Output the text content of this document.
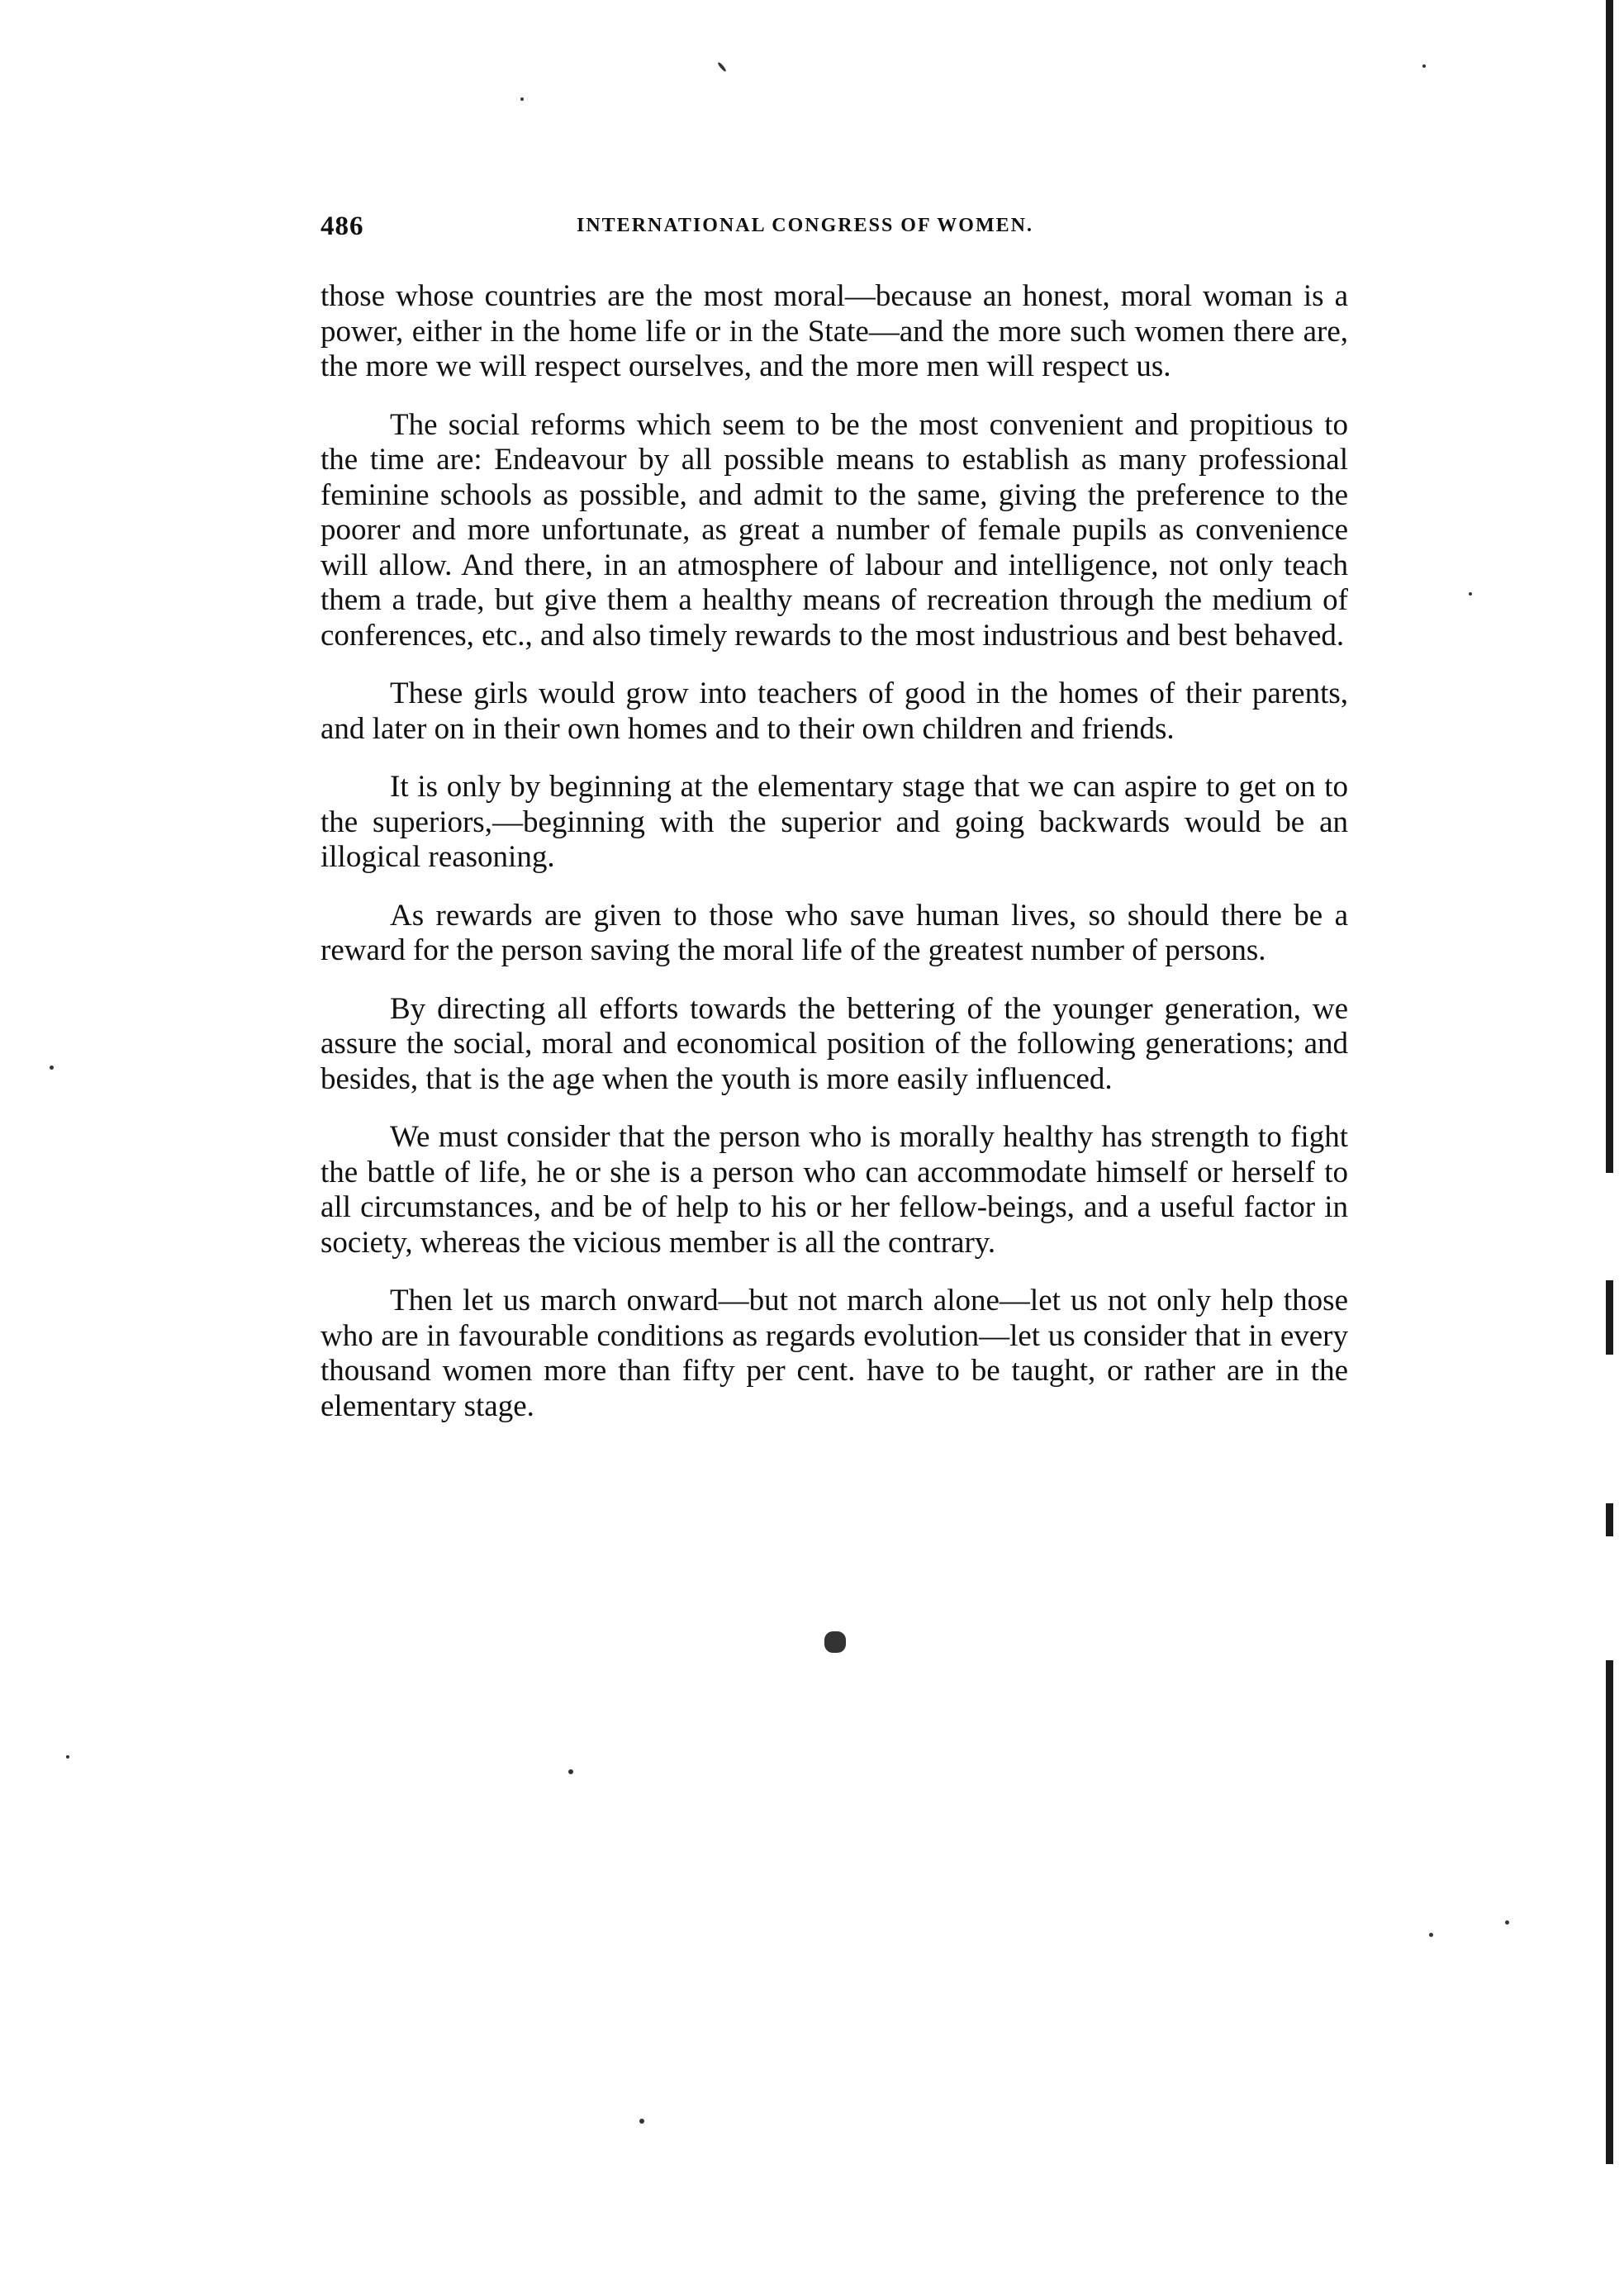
486	INTERNATIONAL CONGRESS OF WOMEN.

those whose countries are the most moral—because an honest, moral woman is a power, either in the home life or in the State—and the more such women there are, the more we will respect ourselves, and the more men will respect us.

The social reforms which seem to be the most convenient and propitious to the time are: Endeavour by all possible means to establish as many professional feminine schools as possible, and admit to the same, giving the preference to the poorer and more unfortunate, as great a number of female pupils as convenience will allow. And there, in an atmosphere of labour and intelligence, not only teach them a trade, but give them a healthy means of recreation through the medium of conferences, etc., and also timely rewards to the most industrious and best behaved.

These girls would grow into teachers of good in the homes of their parents, and later on in their own homes and to their own children and friends.

It is only by beginning at the elementary stage that we can aspire to get on to the superiors,—beginning with the superior and going backwards would be an illogical reasoning.

As rewards are given to those who save human lives, so should there be a reward for the person saving the moral life of the greatest number of persons.

By directing all efforts towards the bettering of the younger generation, we assure the social, moral and economical position of the following generations; and besides, that is the age when the youth is more easily influenced.

We must consider that the person who is morally healthy has strength to fight the battle of life, he or she is a person who can accommodate himself or herself to all circumstances, and be of help to his or her fellow-beings, and a useful factor in society, whereas the vicious member is all the contrary.

Then let us march onward—but not march alone—let us not only help those who are in favourable conditions as regards evolution—let us consider that in every thousand women more than fifty per cent. have to be taught, or rather are in the elementary stage.
